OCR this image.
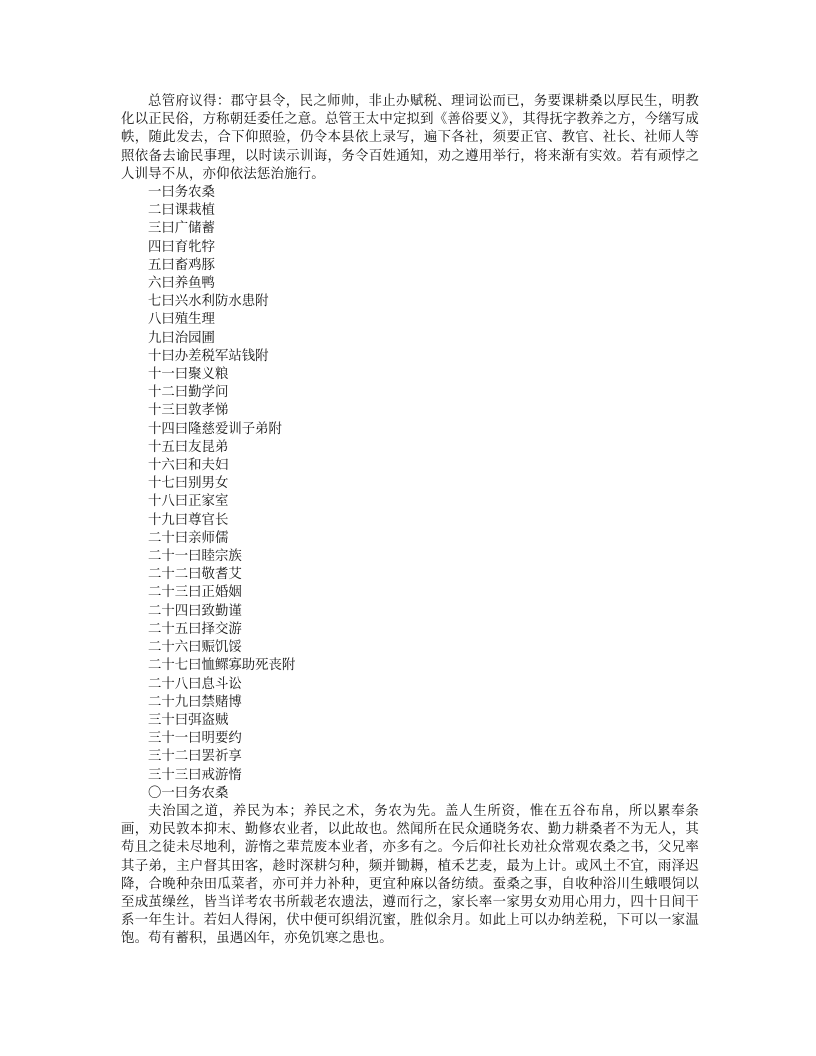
总管府议得：郡守县令，民之师帅，非止办赋税、理词讼而已，务要课耕桑以厚民生，明教化以正民俗，方称朝廷委任之意。总管王太中定拟到《善俗要义》，其得抚字教养之方，今缮写成帙，随此发去，合下仰照验，仍令本县依上录写，遍下各社，须要正官、教官、社长、社师人等照依备去谕民事理，以时读示训诲，务令百姓通知，劝之遵用举行，将来渐有实效。若有顽悖之人训导不从，亦仰依法惩治施行。

一曰务农桑
二曰课栽植
三曰广储蓄
四曰育牝牸
五曰畜鸡豚
六曰养鱼鸭
七曰兴水利防水患附
八曰殖生理
九曰治园圃
十曰办差税军站钱附
十一曰聚义粮
十二曰勤学问
十三曰敦孝悌
十四曰隆慈爱训子弟附
十五曰友昆弟
十六曰和夫妇
十七曰别男女
十八曰正家室
十九曰尊官长
二十曰亲师儒
二十一曰睦宗族
二十二曰敬耆艾
二十三曰正婚姻
二十四曰致勤谨
二十五曰择交游
二十六曰赈饥馁
二十七曰恤鳏寡助死丧附
二十八曰息斗讼
二十九曰禁赌博
三十曰弭盗贼
三十一曰明要约
三十二曰罢祈享
三十三曰戒游惰

〇一曰务农桑

夫治国之道，养民为本；养民之术，务农为先。盖人生所资，惟在五谷布帛，所以累奉条画，劝民敦本抑末、勤修农业者，以此故也。然闻所在民众通晓务农、勤力耕桑者不为无人，其苟且之徒未尽地利，游惰之辈荒废本业者，亦多有之。今后仰社长劝社众常观农桑之书，父兄率其子弟，主户督其田客，趁时深耕匀种，频并锄耨，植禾艺麦，最为上计。或风土不宜，雨泽迟降，合晚种杂田瓜菜者，亦可并力补种，更宜种麻以备纺绩。蚕桑之事，自收种浴川生蛾喂饲以至成茧缲丝，皆当详考农书所载老农遗法，遵而行之，家长率一家男女劝用心用力，四十日间干系一年生计。若妇人得闲，伏中便可织绢沉蜜，胜似余月。如此上可以办纳差税，下可以一家温饱。苟有蓄积，虽遇凶年，亦免饥寒之患也。
